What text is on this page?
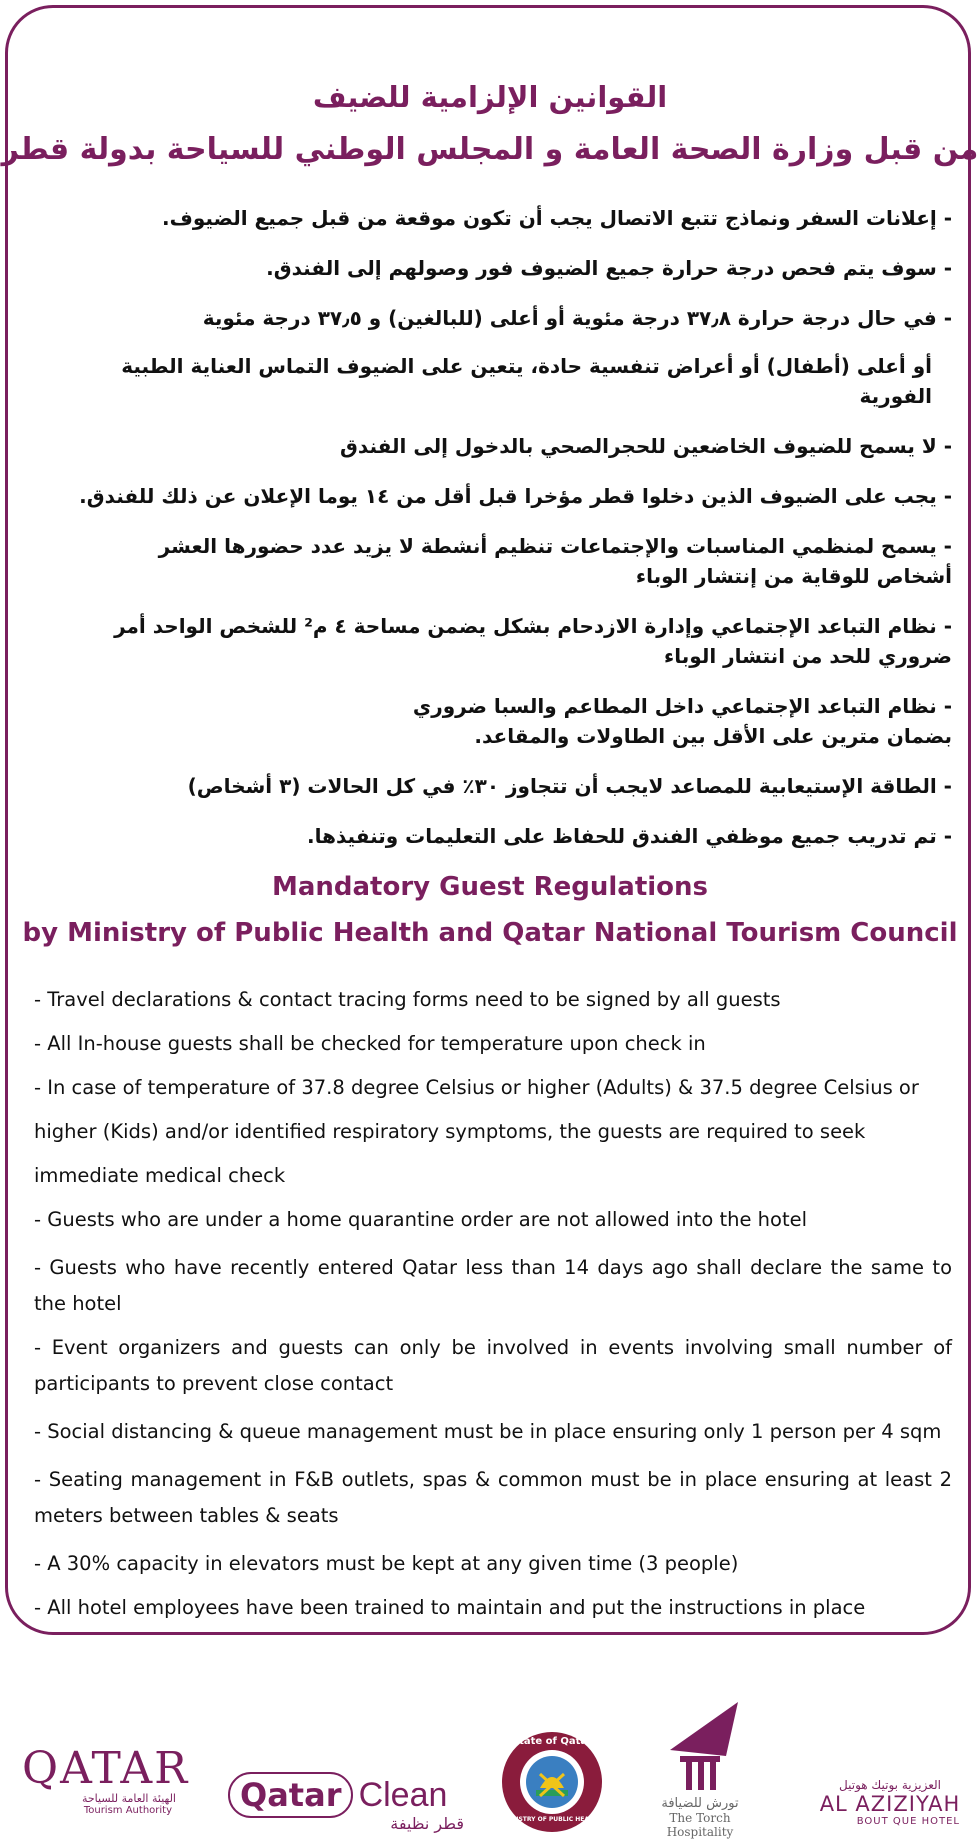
القوانين الإلزامية للضيف
من قبل وزارة الصحة العامة و المجلس الوطني للسياحة بدولة قطر
- إعلانات السفر ونماذج تتبع الاتصال يجب أن تكون موقعة من قبل جميع الضيوف.
- سوف يتم فحص درجة حرارة جميع الضيوف فور وصولهم إلى الفندق.
- في حال درجة حرارة ٣٧٫٨ درجة مئوية أو أعلى (للبالغين) و ٣٧٫٥ درجة مئوية
أو أعلى (أطفال) أو أعراض تنفسية حادة، يتعين على الضيوف التماس العناية الطبية الفورية
- لا يسمح للضيوف الخاضعين للحجرالصحي بالدخول إلى الفندق
- يجب على الضيوف الذين دخلوا قطر مؤخرا قبل أقل من ١٤ يوما الإعلان عن ذلك للفندق.
- يسمح لمنظمي المناسبات والإجتماعات تنظيم أنشطة لا يزيد عدد حضورها العشر أشخاص للوقاية من إنتشار الوباء
- نظام التباعد الإجتماعي وإدارة الازدحام بشكل يضمن مساحة ٤ م² للشخص الواحد أمر ضروري للحد من انتشار الوباء
- نظام التباعد الإجتماعي داخل المطاعم والسبا ضروري بضمان مترين على الأقل بين الطاولات والمقاعد.
- الطاقة الإستيعابية للمصاعد لايجب أن تتجاوز ٣٠٪ في كل الحالات (٣ أشخاص)
- تم تدريب جميع موظفي الفندق للحفاظ على التعليمات وتنفيذها.
Mandatory Guest Regulations
by Ministry of Public Health and Qatar National Tourism Council
- Travel declarations & contact tracing forms need to be signed by all guests
- All In-house guests shall be checked for temperature upon check in
- In case of temperature of 37.8 degree Celsius or higher (Adults) & 37.5 degree Celsius or higher (Kids) and/or identified respiratory symptoms, the guests are required to seek immediate medical check
- Guests who are under a home quarantine order are not allowed into the hotel
- Guests who have recently entered Qatar less than 14 days ago shall declare the same to the hotel
- Event organizers and guests can only be involved in events involving small number of participants to prevent close contact
- Social distancing & queue management must be in place ensuring only 1 person per 4 sqm
- Seating management in F&B outlets, spas & common must be in place ensuring at least 2 meters between tables & seats
- A 30% capacity in elevators must be kept at any given time (3 people)
- All hotel employees have been trained to maintain and put the instructions in place
QATAR
الهيئة العامة للسياحة
Tourism Authority	Qatar Clean
قطر نظيفة
State of Qatar
MINISTRY OF PUBLIC HEALTH
تورش للضيافة
The Torch Hospitality
العزيزية بوتيك هوتيل
AL AZIZIYAH
BOUT QUE HOTEL
